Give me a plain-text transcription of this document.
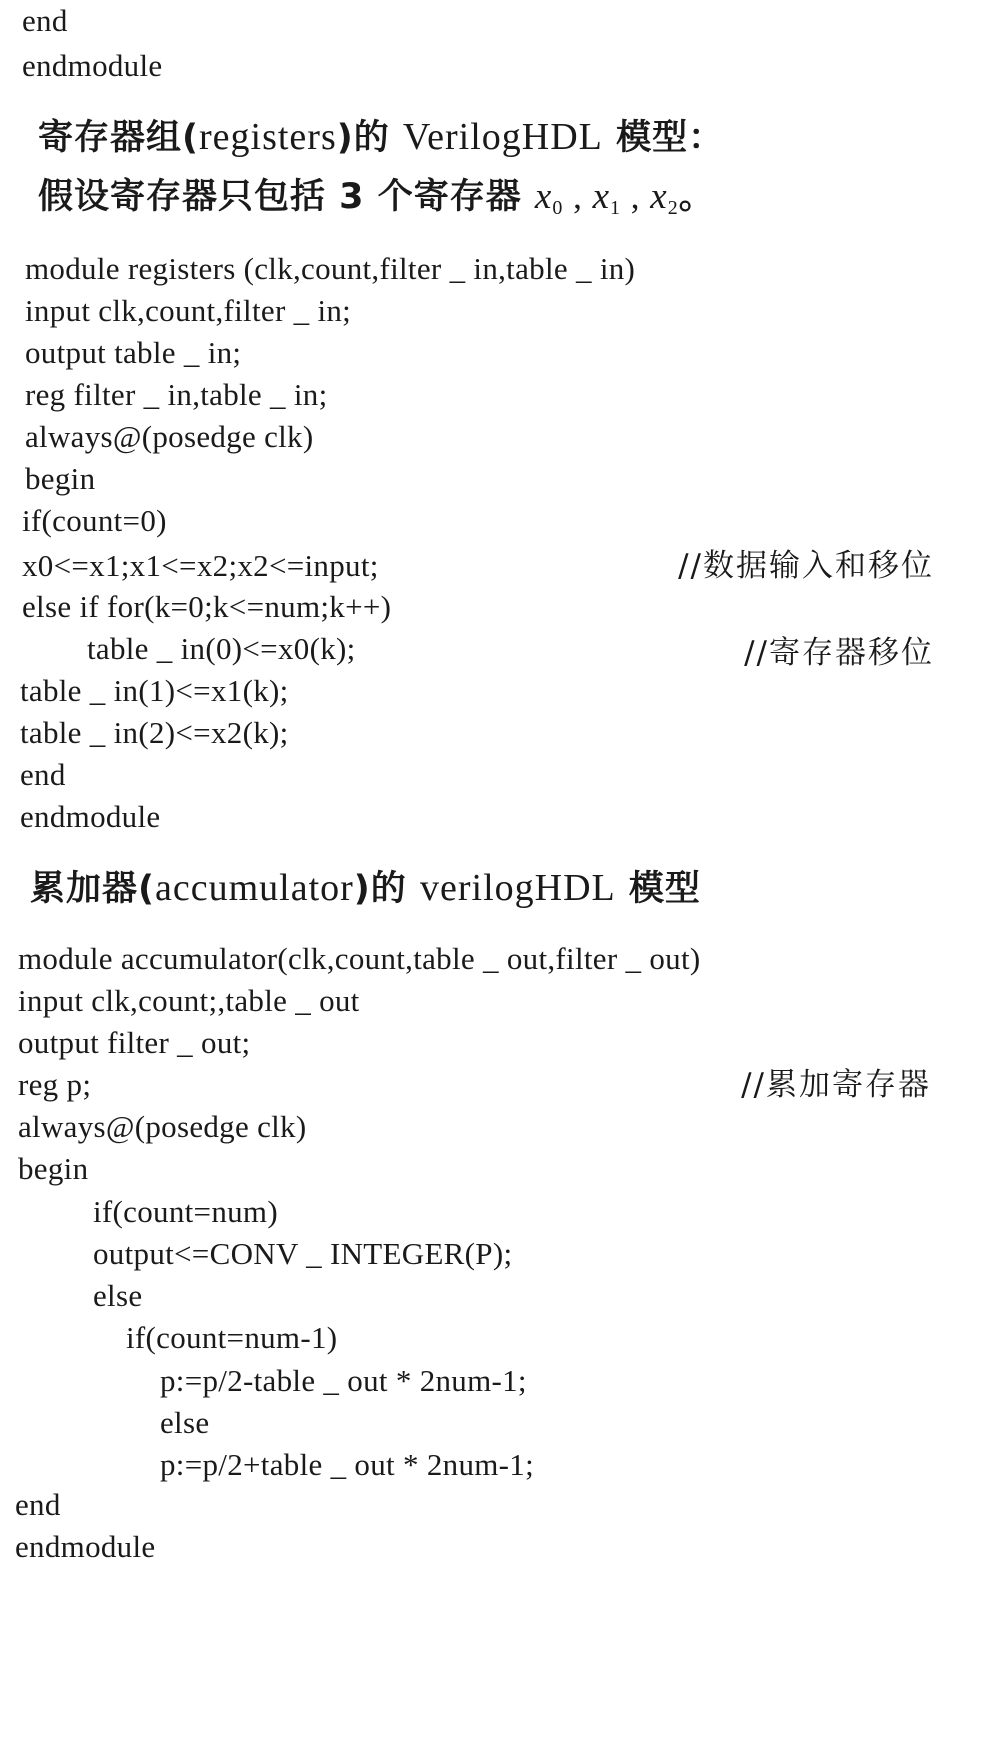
end
endmodule
寄存器组(registers)的 VerilogHDL 模型：
假设寄存器只包括 3 个寄存器 $x_0$ , $x_1$ , $x_2$。
module registers (clk,count,filter _ in,table _ in)
input clk,count,filter _ in;
output table _ in;
reg filter _ in,table _ in;
always@(posedge clk)
begin
if(count=0)
x0<=x1;x1<=x2;x2<=input;	//数据输入和移位
else if for(k=0;k<=num;k++)
table _ in(0)<=x0(k);	//寄存器移位
table _ in(1)<=x1(k);
table _ in(2)<=x2(k);
end
endmodule
累加器(accumulator)的 verilogHDL 模型
module accumulator(clk,count,table _ out,filter _ out)
input clk,count;,table _ out
output filter _ out;
reg p;	//累加寄存器
always@(posedge clk)
begin
if(count=num)
output<=CONV _ INTEGER(P);
else
if(count=num-1)
p:=p/2-table _ out * 2num-1;
else
p:=p/2+table _ out * 2num-1;
end
endmodule
